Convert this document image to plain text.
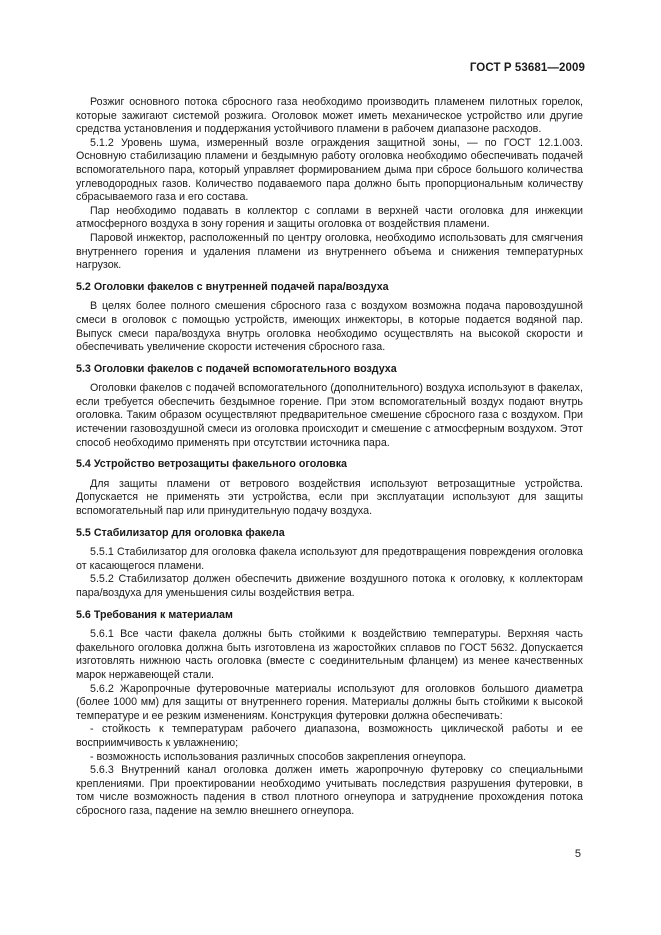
ГОСТ Р 53681—2009

Розжиг основного потока сбросного газа необходимо производить пламенем пилотных горелок, которые зажигают системой розжига. Оголовок может иметь механическое устройство или другие средства установления и поддержания устойчивого пламени в рабочем диапазоне расходов.

5.1.2 Уровень шума, измеренный возле ограждения защитной зоны, — по ГОСТ 12.1.003. Основную стабилизацию пламени и бездымную работу оголовка необходимо обеспечивать подачей вспомогательного пара, который управляет формированием дыма при сбросе большого количества углеводородных газов. Количество подаваемого пара должно быть пропорциональным количеству сбрасываемого газа и его состава.

Пар необходимо подавать в коллектор с соплами в верхней части оголовка для инжекции атмосферного воздуха в зону горения и защиты оголовка от воздействия пламени.

Паровой инжектор, расположенный по центру оголовка, необходимо использовать для смягчения внутреннего горения и удаления пламени из внутреннего объема и снижения температурных нагрузок.

5.2 Оголовки факелов с внутренней подачей пара/воздуха

В целях более полного смешения сбросного газа с воздухом возможна подача паровоздушной смеси в оголовок с помощью устройств, имеющих инжекторы, в которые подается водяной пар. Выпуск смеси пара/воздуха внутрь оголовка необходимо осуществлять на высокой скорости и обеспечивать увеличение скорости истечения сбросного газа.

5.3 Оголовки факелов с подачей вспомогательного воздуха

Оголовки факелов с подачей вспомогательного (дополнительного) воздуха используют в факелах, если требуется обеспечить бездымное горение. При этом вспомогательный воздух подают внутрь оголовка. Таким образом осуществляют предварительное смешение сбросного газа с воздухом. При истечении газовоздушной смеси из оголовка происходит и смешение с атмосферным воздухом. Этот способ необходимо применять при отсутствии источника пара.

5.4 Устройство ветрозащиты факельного оголовка

Для защиты пламени от ветрового воздействия используют ветрозащитные устройства. Допускается не применять эти устройства, если при эксплуатации используют для защиты вспомогательный пар или принудительную подачу воздуха.

5.5 Стабилизатор для оголовка факела

5.5.1 Стабилизатор для оголовка факела используют для предотвращения повреждения оголовка от касающегося пламени.

5.5.2 Стабилизатор должен обеспечить движение воздушного потока к оголовку, к коллекторам пара/воздуха для уменьшения силы воздействия ветра.

5.6 Требования к материалам

5.6.1 Все части факела должны быть стойкими к воздействию температуры. Верхняя часть факельного оголовка должна быть изготовлена из жаростойких сплавов по ГОСТ 5632. Допускается изготовлять нижнюю часть оголовка (вместе с соединительным фланцем) из менее качественных марок нержавеющей стали.

5.6.2 Жаропрочные футеровочные материалы используют для оголовков большого диаметра (более 1000 мм) для защиты от внутреннего горения. Материалы должны быть стойкими к высокой температуре и ее резким изменениям. Конструкция футеровки должна обеспечивать:

- стойкость к температурам рабочего диапазона, возможность циклической работы и ее восприимчивость к увлажнению;

- возможность использования различных способов закрепления огнеупора.

5.6.3 Внутренний канал оголовка должен иметь жаропрочную футеровку со специальными креплениями. При проектировании необходимо учитывать последствия разрушения футеровки, в том числе возможность падения в ствол плотного огнеупора и затруднение прохождения потока сбросного газа, падение на землю внешнего огнеупора.

5
